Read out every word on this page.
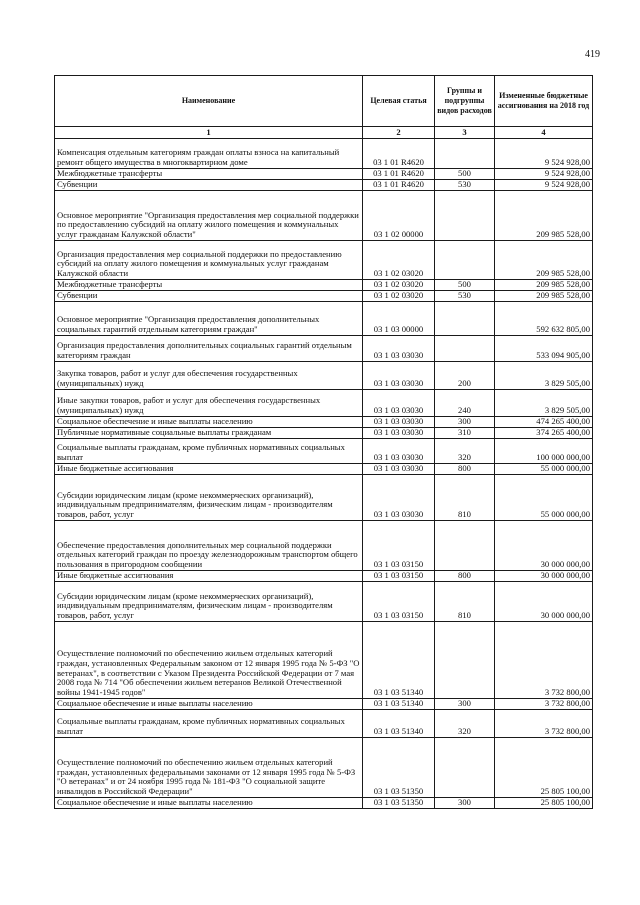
419
Наименование	Целевая статья	Группы и подгруппы видов расходов	Измененные бюджетные ассигнования на 2018 год
1	2	3	4
Компенсация отдельным категориям граждан оплаты взноса на капитальный ремонт общего имущества в многоквартирном доме	03 1 01 R4620		9 524 928,00
Межбюджетные трансферты	03 1 01 R4620	500	9 524 928,00
Субвенции	03 1 01 R4620	530	9 524 928,00
Основное мероприятие "Организация предоставления мер социальной поддержки по предоставлению субсидий на оплату жилого помещения и коммунальных услуг гражданам Калужской области"	03 1 02 00000		209 985 528,00
Организация предоставления мер социальной поддержки по предоставлению субсидий на оплату жилого помещения и коммунальных услуг гражданам Калужской области	03 1 02 03020		209 985 528,00
Межбюджетные трансферты	03 1 02 03020	500	209 985 528,00
Субвенции	03 1 02 03020	530	209 985 528,00
Основное мероприятие "Организация предоставления дополнительных социальных гарантий отдельным категориям граждан"	03 1 03 00000		592 632 805,00
Организация предоставления дополнительных социальных гарантий отдельным категориям граждан	03 1 03 03030		533 094 905,00
Закупка товаров, работ и услуг для обеспечения государственных (муниципальных) нужд	03 1 03 03030	200	3 829 505,00
Иные закупки товаров, работ и услуг для обеспечения государственных (муниципальных) нужд	03 1 03 03030	240	3 829 505,00
Социальное обеспечение и иные выплаты населению	03 1 03 03030	300	474 265 400,00
Публичные нормативные социальные выплаты гражданам	03 1 03 03030	310	374 265 400,00
Социальные выплаты гражданам, кроме публичных нормативных социальных выплат	03 1 03 03030	320	100 000 000,00
Иные бюджетные ассигнования	03 1 03 03030	800	55 000 000,00
Субсидии юридическим лицам (кроме некоммерческих организаций), индивидуальным предпринимателям, физическим лицам - производителям товаров, работ, услуг	03 1 03 03030	810	55 000 000,00
Обеспечение предоставления дополнительных мер социальной поддержки отдельных категорий граждан по проезду железнодорожным транспортом общего пользования в пригородном сообщении	03 1 03 03150		30 000 000,00
Иные бюджетные ассигнования	03 1 03 03150	800	30 000 000,00
Субсидии юридическим лицам (кроме некоммерческих организаций), индивидуальным предпринимателям, физическим лицам - производителям товаров, работ, услуг	03 1 03 03150	810	30 000 000,00
Осуществление полномочий по обеспечению жильем отдельных категорий граждан, установленных Федеральным законом от 12 января 1995 года № 5-ФЗ "О ветеранах", в соответствии с Указом Президента Российской Федерации от 7 мая 2008 года № 714 "Об обеспечении жильем ветеранов Великой Отечественной войны 1941-1945 годов"	03 1 03 51340		3 732 800,00
Социальное обеспечение и иные выплаты населению	03 1 03 51340	300	3 732 800,00
Социальные выплаты гражданам, кроме публичных нормативных социальных выплат	03 1 03 51340	320	3 732 800,00
Осуществление полномочий по обеспечению жильем отдельных категорий граждан, установленных федеральными законами от 12 января 1995 года № 5-ФЗ "О ветеранах" и от 24 ноября 1995 года № 181-ФЗ "О социальной защите инвалидов в Российской Федерации"	03 1 03 51350		25 805 100,00
Социальное обеспечение и иные выплаты населению	03 1 03 51350	300	25 805 100,00
